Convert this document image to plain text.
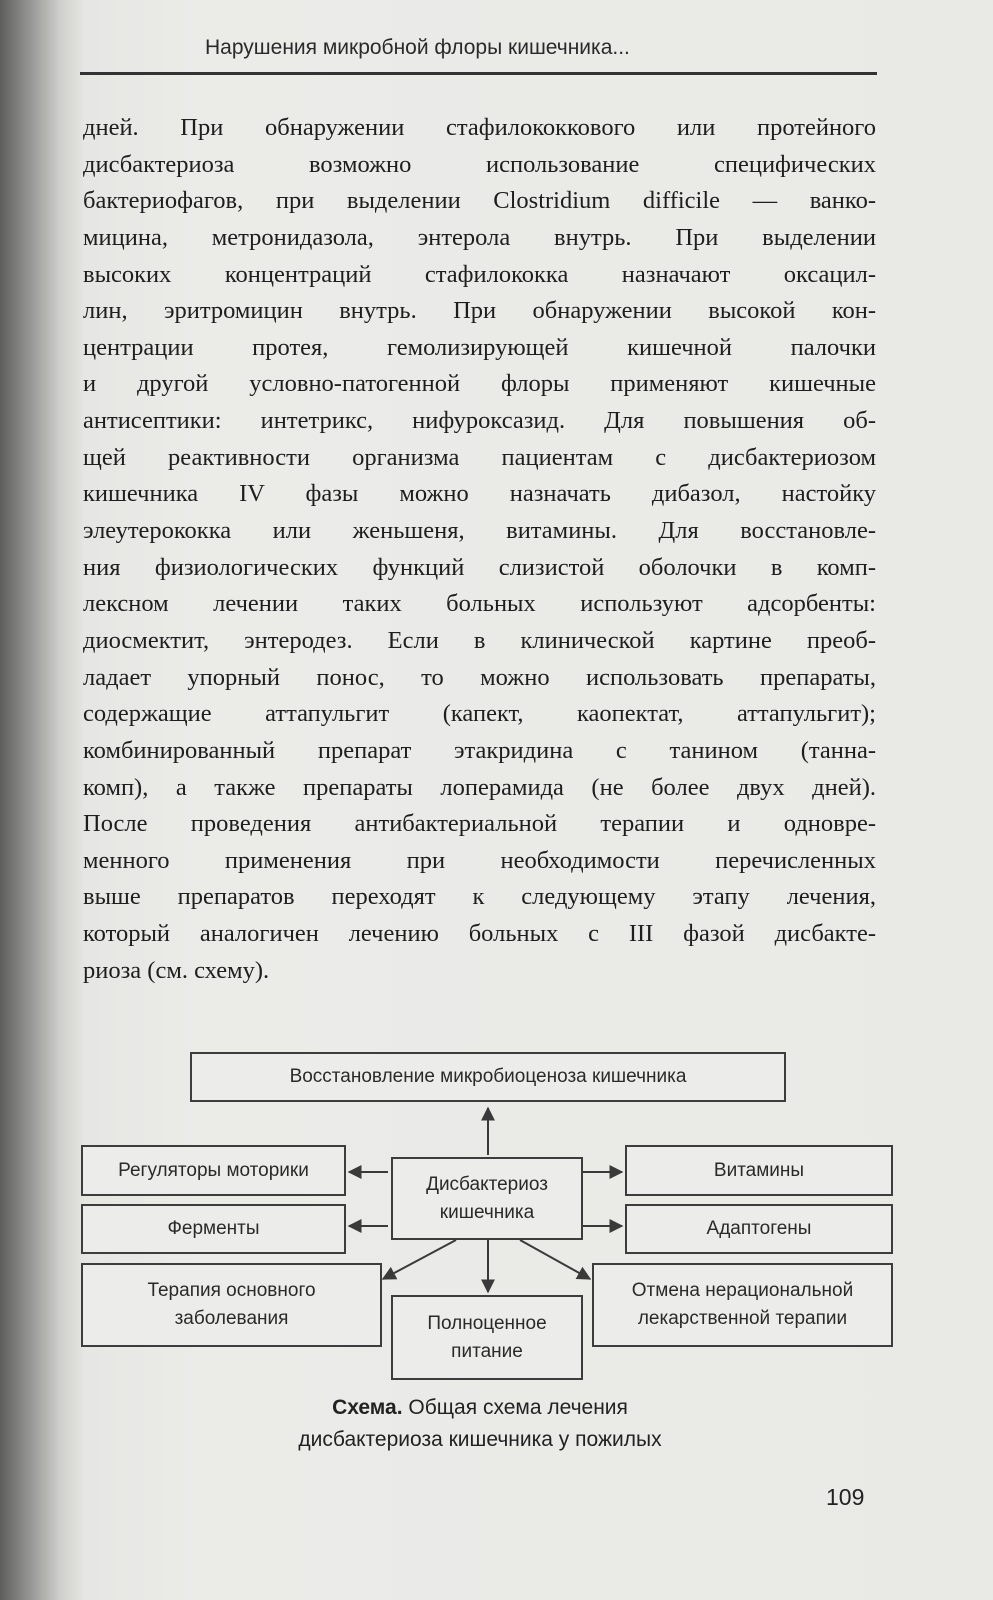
Нарушения микробной флоры кишечника...
дней. При обнаружении стафилококкового или протейного
дисбактериоза возможно использование специфических
бактериофагов, при выделении Clostridium difficile — ванко-
мицина, метронидазола, энтерола внутрь. При выделении
высоких концентраций стафилококка назначают оксацил-
лин, эритромицин внутрь. При обнаружении высокой кон-
центрации протея, гемолизирующей кишечной палочки
и другой условно-патогенной флоры применяют кишечные
антисептики: интетрикс, нифуроксазид. Для повышения об-
щей реактивности организма пациентам с дисбактериозом
кишечника IV фазы можно назначать дибазол, настойку
элеутерококка или женьшеня, витамины. Для восстановле-
ния физиологических функций слизистой оболочки в комп-
лексном лечении таких больных используют адсорбенты:
диосмектит, энтеродез. Если в клинической картине преоб-
ладает упорный понос, то можно использовать препараты,
содержащие аттапульгит (капект, каопектат, аттапульгит);
комбинированный препарат этакридина с танином (танна-
комп), а также препараты лоперамида (не более двух дней).
После проведения антибактериальной терапии и одновре-
менного применения при необходимости перечисленных
выше препаратов переходят к следующему этапу лечения,
который аналогичен лечению больных с III фазой дисбакте-
риоза (см. схему).
Восстановление микробиоценоза кишечника
Дисбактериоз
кишечника
Регуляторы моторики
Ферменты
Терапия основного
заболевания
Витамины
Адаптогены
Отмена нерациональной
лекарственной терапии
Полноценное
питание
Схема. Общая схема лечения
дисбактериоза кишечника у пожилых
109
